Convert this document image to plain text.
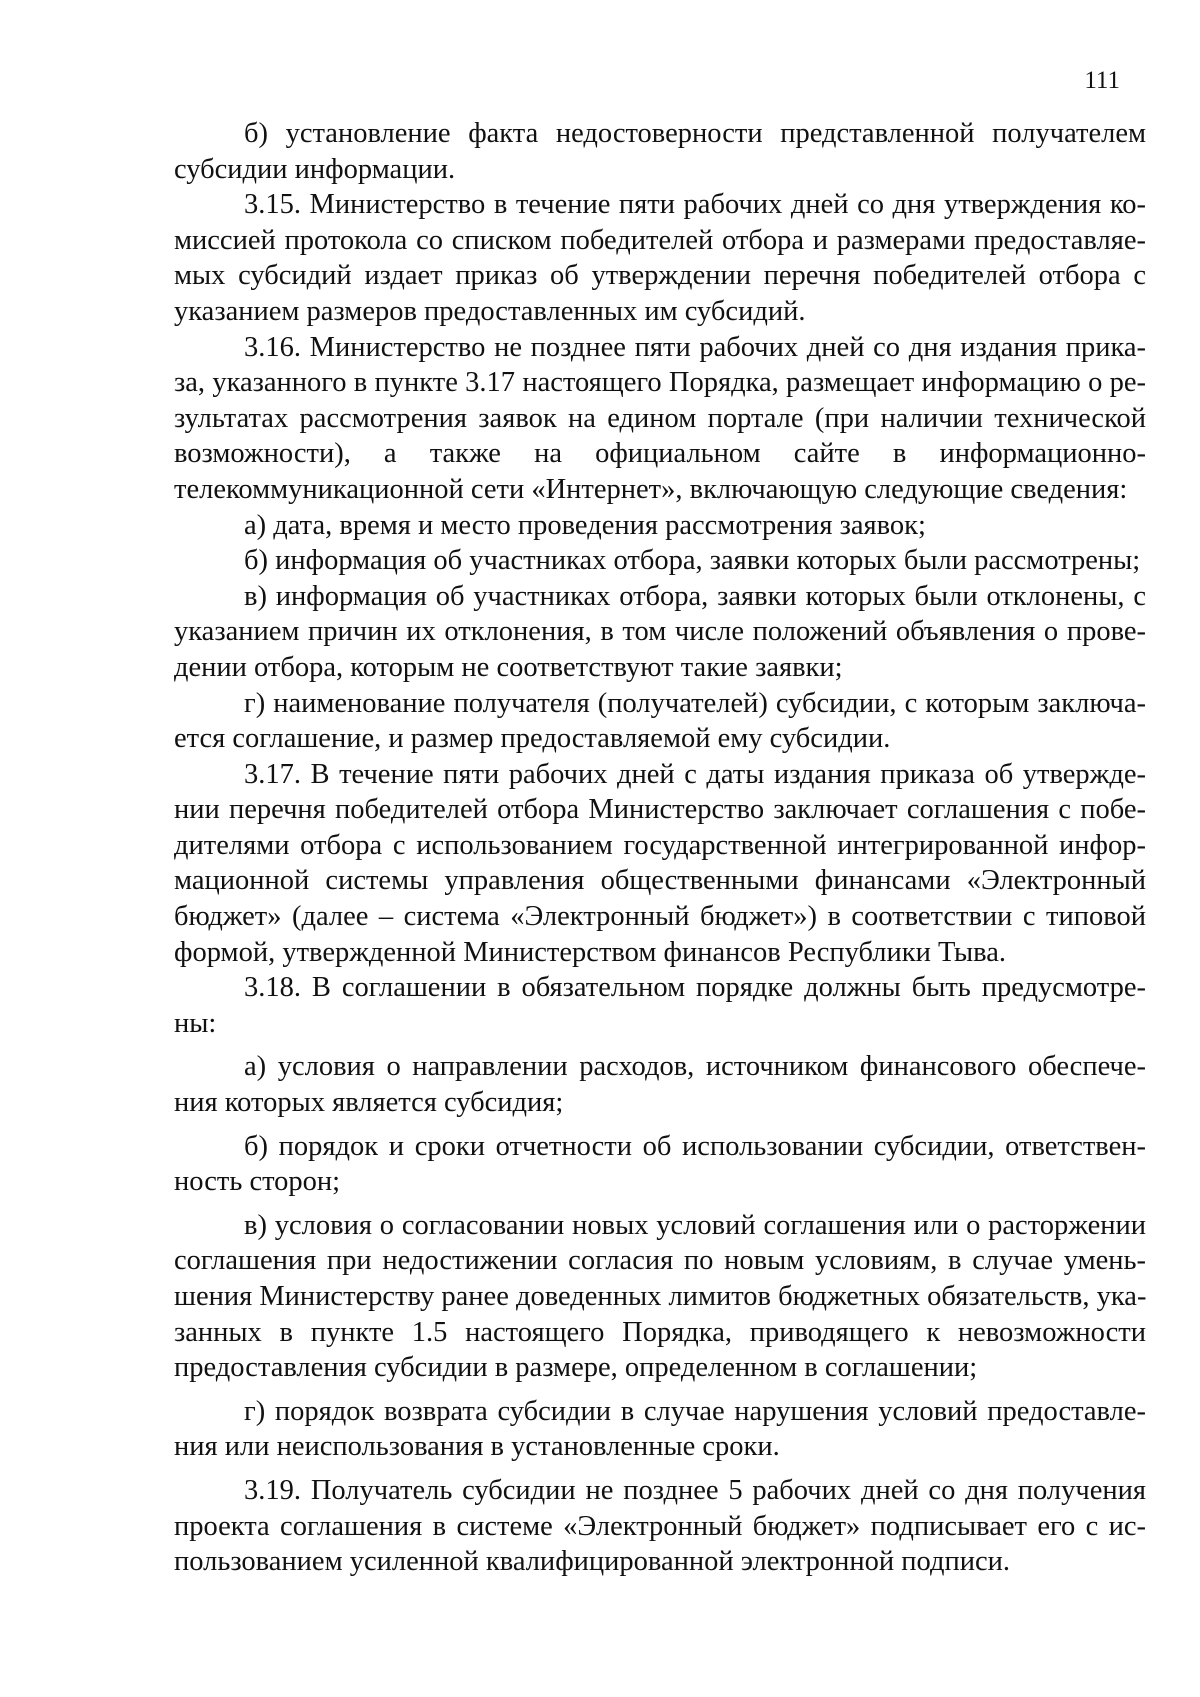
111
б) установление факта недостоверности представленной получателем
субсидии информации.
3.15. Министерство в течение пяти рабочих дней со дня утверждения ко-
миссией протокола со списком победителей отбора и размерами предоставляе-
мых субсидий издает приказ об утверждении перечня победителей отбора с
указанием размеров предоставленных им субсидий.
3.16. Министерство не позднее пяти рабочих дней со дня издания прика-
за, указанного в пункте 3.17 настоящего Порядка, размещает информацию о ре-
зультатах рассмотрения заявок на едином портале (при наличии технической
возможности), а также на официальном сайте в информационно-
телекоммуникационной сети «Интернет», включающую следующие сведения:
а) дата, время и место проведения рассмотрения заявок;
б) информация об участниках отбора, заявки которых были рассмотрены;
в) информация об участниках отбора, заявки которых были отклонены, с
указанием причин их отклонения, в том числе положений объявления о прове-
дении отбора, которым не соответствуют такие заявки;
г) наименование получателя (получателей) субсидии, с которым заключа-
ется соглашение, и размер предоставляемой ему субсидии.
3.17. В течение пяти рабочих дней с даты издания приказа об утвержде-
нии перечня победителей отбора Министерство заключает соглашения с побе-
дителями отбора с использованием государственной интегрированной инфор-
мационной системы управления общественными финансами «Электронный
бюджет» (далее – система «Электронный бюджет») в соответствии с типовой
формой, утвержденной Министерством финансов Республики Тыва.
3.18. В соглашении в обязательном порядке должны быть предусмотре-
ны:
а) условия о направлении расходов, источником финансового обеспече-
ния которых является субсидия;
б) порядок и сроки отчетности об использовании субсидии, ответствен-
ность сторон;
в) условия о согласовании новых условий соглашения или о расторжении
соглашения при недостижении согласия по новым условиям, в случае умень-
шения Министерству ранее доведенных лимитов бюджетных обязательств, ука-
занных в пункте 1.5 настоящего Порядка, приводящего к невозможности
предоставления субсидии в размере, определенном в соглашении;
г) порядок возврата субсидии в случае нарушения условий предоставле-
ния или неиспользования в установленные сроки.
3.19. Получатель субсидии не позднее 5 рабочих дней со дня получения
проекта соглашения в системе «Электронный бюджет» подписывает его с ис-
пользованием усиленной квалифицированной электронной подписи.
